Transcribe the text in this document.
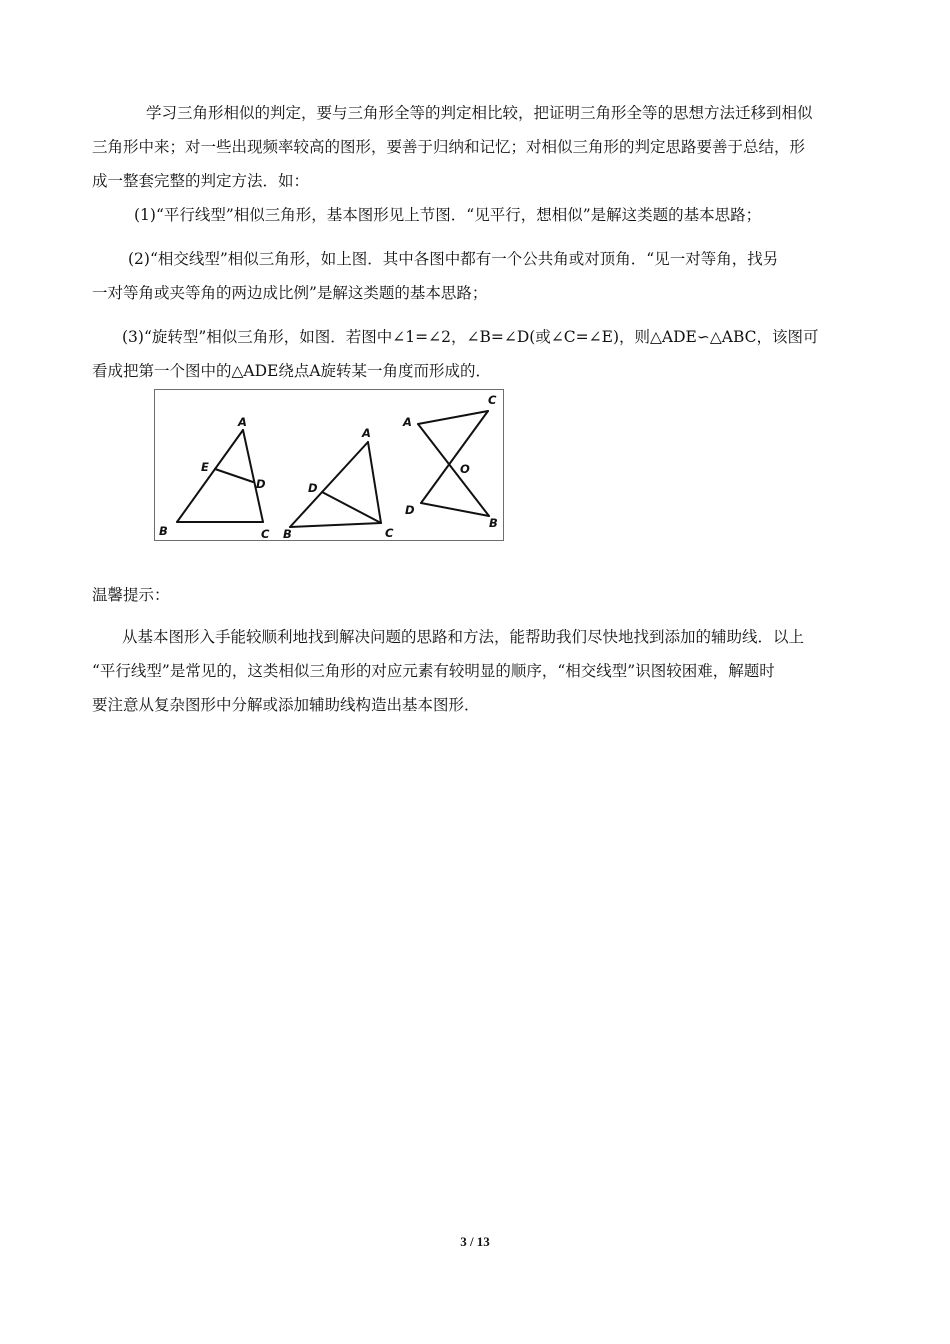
学习三角形相似的判定，要与三角形全等的判定相比较，把证明三角形全等的思想方法迁移到相似
三角形中来；对一些出现频率较高的图形，要善于归纳和记忆；对相似三角形的判定思路要善于总结，形
成一整套完整的判定方法．如：
(1)“平行线型”相似三角形，基本图形见上节图．“见平行，想相似”是解这类题的基本思路；
(2)“相交线型”相似三角形，如上图．其中各图中都有一个公共角或对顶角．“见一对等角，找另
一对等角或夹等角的两边成比例”是解这类题的基本思路；
(3)“旋转型”相似三角形，如图．若图中∠1=∠2，∠B=∠D(或∠C=∠E)，则△ADE∽△ABC，该图可
看成把第一个图中的△ADE绕点A旋转某一角度而形成的．
A
E
D
B	C
A
D
B	C
A
C
O
D
B
温馨提示：
从基本图形入手能较顺利地找到解决问题的思路和方法，能帮助我们尽快地找到添加的辅助线．以上
“平行线型”是常见的，这类相似三角形的对应元素有较明显的顺序，“相交线型”识图较困难，解题时
要注意从复杂图形中分解或添加辅助线构造出基本图形．
3 / 13
